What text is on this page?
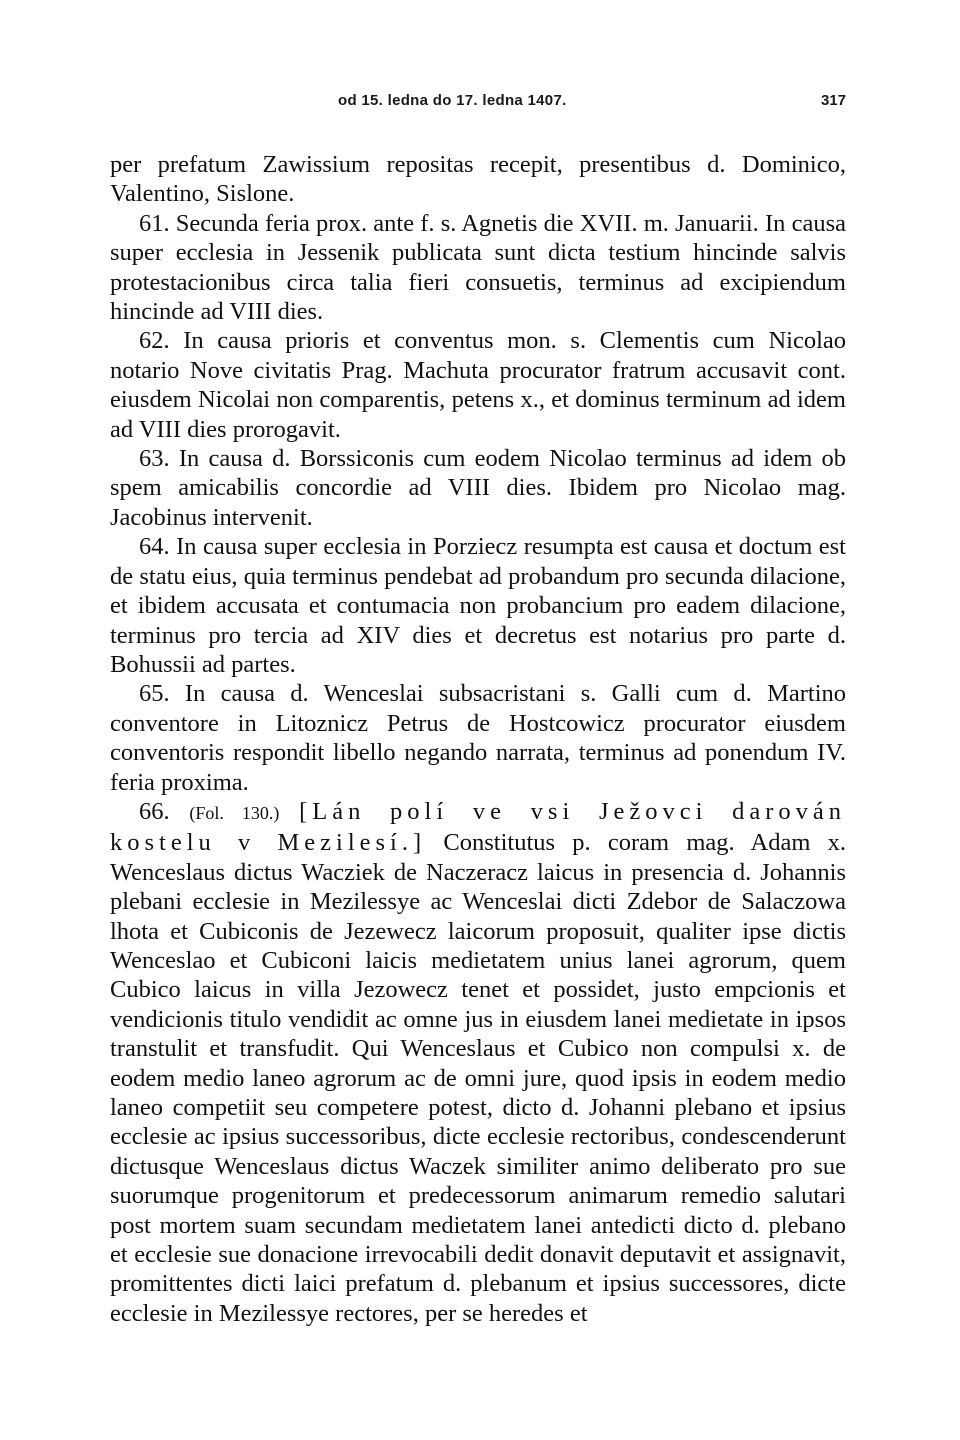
od 15. ledna do 17. ledna 1407.	317

per prefatum Zawissium repositas recepit, presentibus d. Dominico, Valentino, Sislone.

61. Secunda feria prox. ante f. s. Agnetis die XVII. m. Januarii. In causa super ecclesia in Jessenik publicata sunt dicta testium hincinde salvis protestacionibus circa talia fieri consuetis, terminus ad excipiendum hincinde ad VIII dies.

62. In causa prioris et conventus mon. s. Clementis cum Nicolao notario Nove civitatis Prag. Machuta procurator fratrum accusavit cont. eiusdem Nicolai non comparentis, petens x., et dominus terminum ad idem ad VIII dies prorogavit.

63. In causa d. Borssiconis cum eodem Nicolao terminus ad idem ob spem amicabilis concordie ad VIII dies. Ibidem pro Nicolao mag. Jacobinus intervenit.

64. In causa super ecclesia in Porziecz resumpta est causa et doctum est de statu eius, quia terminus pendebat ad probandum pro secunda dilacione, et ibidem accusata et contumacia non probancium pro eadem dilacione, terminus pro tercia ad XIV dies et decretus est notarius pro parte d. Bohussii ad partes.

65. In causa d. Wenceslai subsacristani s. Galli cum d. Martino conventore in Litoznicz Petrus de Hostcowicz procurator eiusdem conventoris respondit libello negando narrata, terminus ad ponendum IV. feria proxima.

66. (Fol. 130.) [Lán polí ve vsi Ježovci darován kostelu v Mezilesí.] Constitutus p. coram mag. Adam x. Wenceslaus dictus Wacziek de Naczeracz laicus in presencia d. Johannis plebani ecclesie in Mezilessye ac Wenceslai dicti Zdebor de Salaczowa lhota et Cubiconis de Jezewecz laicorum proposuit, qualiter ipse dictis Wenceslao et Cubiconi laicis medietatem unius lanei agrorum, quem Cubico laicus in villa Jezowecz tenet et possidet, justo empcionis et vendicionis titulo vendidit ac omne jus in eiusdem lanei medietate in ipsos transtulit et transfudit. Qui Wenceslaus et Cubico non compulsi x. de eodem medio laneo agrorum ac de omni jure, quod ipsis in eodem medio laneo competiit seu competere potest, dicto d. Johanni plebano et ipsius ecclesie ac ipsius successoribus, dicte ecclesie rectoribus, condescenderunt dictusque Wenceslaus dictus Waczek similiter animo deliberato pro sue suorumque progenitorum et predecessorum animarum remedio salutari post mortem suam secundam medietatem lanei antedicti dicto d. plebano et ecclesie sue donacione irrevocabili dedit donavit deputavit et assignavit, promittentes dicti laici prefatum d. plebanum et ipsius successores, dicte ecclesie in Mezilessye rectores, per se heredes et
